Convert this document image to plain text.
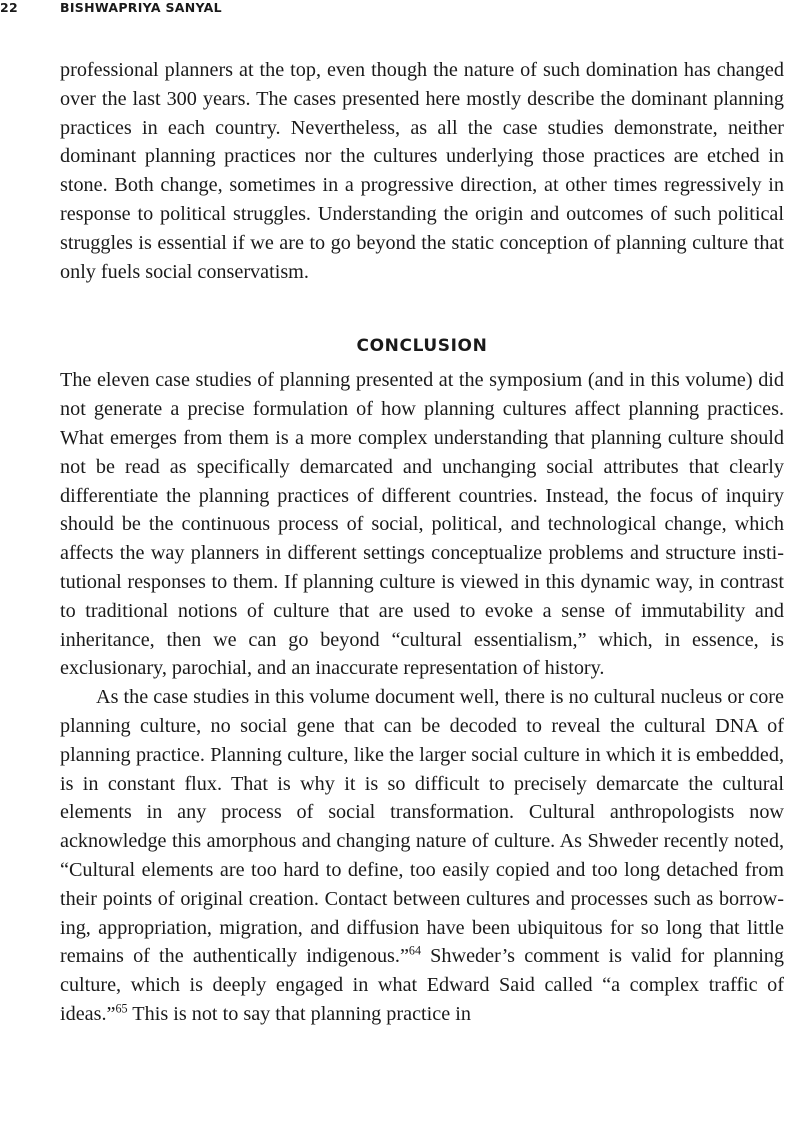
22	BISHWAPRIYA SANYAL

professional planners at the top, even though the nature of such domination has changed over the last 300 years. The cases presented here mostly describe the dominant planning practices in each country. Nevertheless, as all the case studies demonstrate, neither dominant planning practices nor the cultures underlying those practices are etched in stone. Both change, sometimes in a progressive direction, at other times regressively in response to political struggles. Understanding the origin and outcomes of such political struggles is essential if we are to go beyond the static conception of planning culture that only fuels social conservatism.

CONCLUSION

The eleven case studies of planning presented at the symposium (and in this volume) did not generate a precise formulation of how planning cultures affect planning practices. What emerges from them is a more complex understanding that planning culture should not be read as specifically demarcated and unchanging social attributes that clearly differentiate the planning practices of different countries. Instead, the focus of inquiry should be the continuous process of social, political, and technological change, which affects the way planners in different settings conceptualize problems and structure institutional responses to them. If planning culture is viewed in this dynamic way, in contrast to traditional notions of culture that are used to evoke a sense of immutability and inheritance, then we can go beyond “cultural essentialism,” which, in essence, is exclusionary, parochial, and an inaccurate representation of history.

As the case studies in this volume document well, there is no cultural nucleus or core planning culture, no social gene that can be decoded to reveal the cultural DNA of planning practice. Planning culture, like the larger social culture in which it is embedded, is in constant flux. That is why it is so difficult to precisely demarcate the cultural elements in any process of social transformation. Cultural anthropologists now acknowledge this amorphous and changing nature of culture. As Shweder recently noted, “Cultural elements are too hard to define, too easily copied and too long detached from their points of original creation. Contact between cultures and processes such as borrowing, appropriation, migration, and diffusion have been ubiquitous for so long that little remains of the authentically indigenous.”$^{64}$ Shweder’s comment is valid for planning culture, which is deeply engaged in what Edward Said called “a complex traffic of ideas.”$^{65}$ This is not to say that planning practice in
